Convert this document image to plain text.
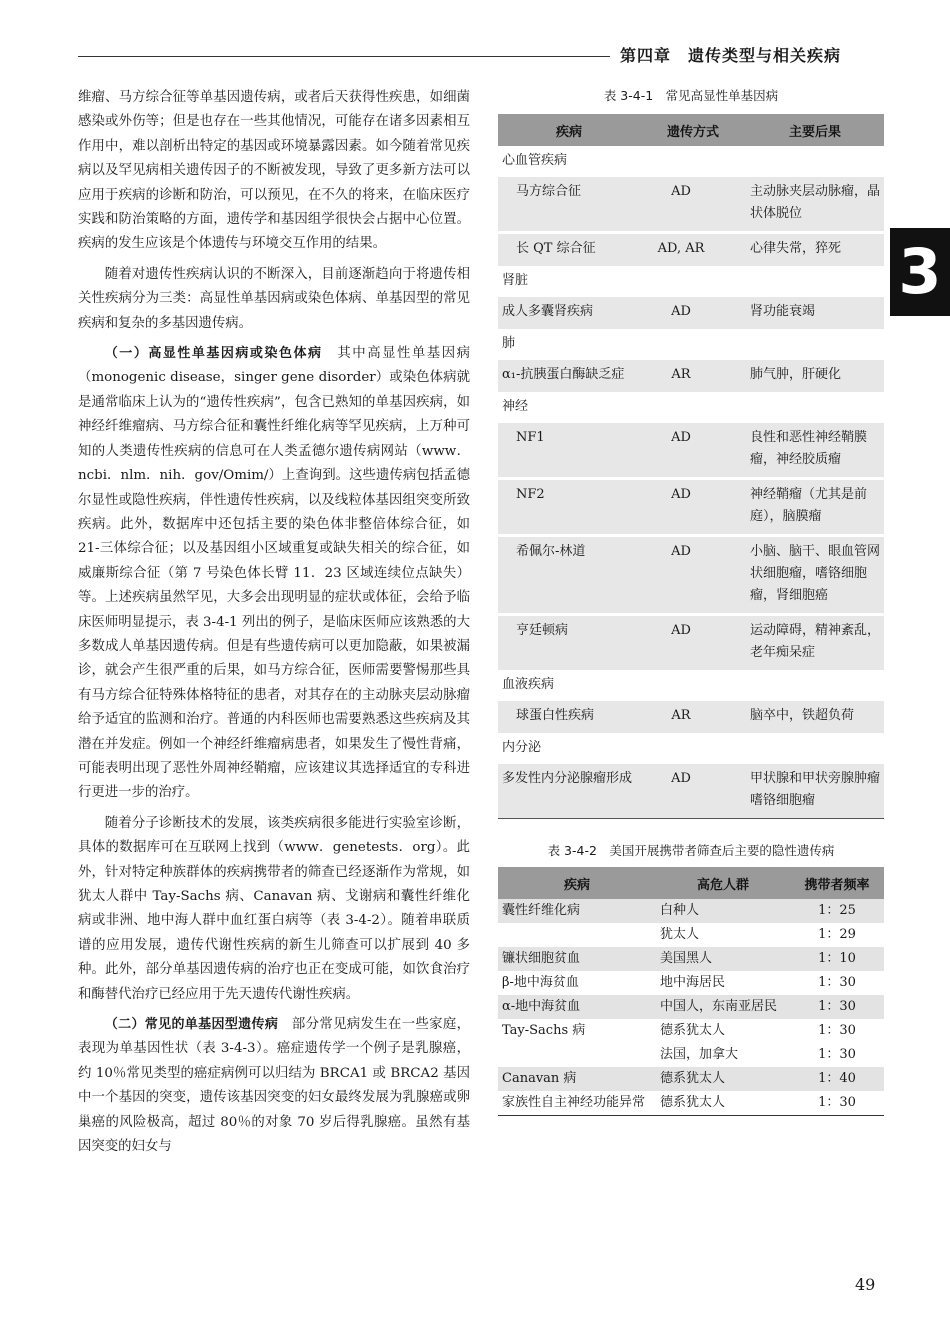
第四章　遗传类型与相关疾病
3

维瘤、马方综合征等单基因遗传病，或者后天获得性疾患，如细菌感染或外伤等；但是也存在一些其他情况，可能存在诸多因素相互作用中，难以剖析出特定的基因或环境暴露因素。如今随着常见疾病以及罕见病相关遗传因子的不断被发现，导致了更多新方法可以应用于疾病的诊断和防治，可以预见，在不久的将来，在临床医疗实践和防治策略的方面，遗传学和基因组学很快会占据中心位置。疾病的发生应该是个体遗传与环境交互作用的结果。

随着对遗传性疾病认识的不断深入，目前逐渐趋向于将遗传相关性疾病分为三类：高显性单基因病或染色体病、单基因型的常见疾病和复杂的多基因遗传病。

（一）高显性单基因病或染色体病　 其中高显性单基因病（monogenic disease，singer gene disorder）或染色体病就是通常临床上认为的“遗传性疾病”，包含已熟知的单基因疾病，如神经纤维瘤病、马方综合征和囊性纤维化病等罕见疾病，上万种可知的人类遗传性疾病的信息可在人类孟德尔遗传病网站（www．ncbi．nlm．nih．gov/Omim/）上查询到。这些遗传病包括孟德尔显性或隐性疾病，伴性遗传性疾病，以及线粒体基因组突变所致疾病。此外，数据库中还包括主要的染色体非整倍体综合征，如 21-三体综合征；以及基因组小区域重复或缺失相关的综合征，如威廉斯综合征（第 7 号染色体长臂 11．23 区域连续位点缺失）等。上述疾病虽然罕见，大多会出现明显的症状或体征，会给予临床医师明显提示，表 3-4-1 列出的例子，是临床医师应该熟悉的大多数成人单基因遗传病。但是有些遗传病可以更加隐蔽，如果被漏诊，就会产生很严重的后果，如马方综合征，医师需要警惕那些具有马方综合征特殊体格特征的患者，对其存在的主动脉夹层动脉瘤给予适宜的监测和治疗。普通的内科医师也需要熟悉这些疾病及其潜在并发症。例如一个神经纤维瘤病患者，如果发生了慢性背痛，可能表明出现了恶性外周神经鞘瘤，应该建议其选择适宜的专科进行更进一步的治疗。

随着分子诊断技术的发展，该类疾病很多能进行实验室诊断，具体的数据库可在互联网上找到（www．genetests．org）。此外，针对特定种族群体的疾病携带者的筛查已经逐渐作为常规，如犹太人群中 Tay-Sachs 病、Canavan 病、戈谢病和囊性纤维化病或非洲、地中海人群中血红蛋白病等（表 3-4-2）。随着串联质谱的应用发展，遗传代谢性疾病的新生儿筛查可以扩展到 40 多种。此外，部分单基因遗传病的治疗也正在变成可能，如饮食治疗和酶替代治疗已经应用于先天遗传代谢性疾病。

（二）常见的单基因型遗传病　 部分常见病发生在一些家庭，表现为单基因性状（表 3-4-3）。癌症遗传学一个例子是乳腺癌，约 10％常见类型的癌症病例可以归结为 BRCA1 或 BRCA2 基因中一个基因的突变，遗传该基因突变的妇女最终发展为乳腺癌或卵巢癌的风险极高，超过 80％的对象 70 岁后得乳腺癌。虽然有基因突变的妇女与

表 3-4-1　常见高显性单基因病
疾病	遗传方式	主要后果
心血管疾病		
马方综合征	AD	主动脉夹层动脉瘤，晶状体脱位
长 QT 综合征	AD, AR	心律失常，猝死
肾脏		
成人多囊肾疾病	AD	肾功能衰竭
肺		
α₁-抗胰蛋白酶缺乏症	AR	肺气肿，肝硬化
神经		
NF1	AD	良性和恶性神经鞘膜瘤，神经胶质瘤
NF2	AD	神经鞘瘤（尤其是前庭），脑膜瘤
希佩尔-林道	AD	小脑、脑干、眼血管网状细胞瘤，嗜铬细胞瘤，肾细胞癌
亨廷顿病	AD	运动障碍，精神紊乱，老年痴呆症
血液疾病		
球蛋白性疾病	AR	脑卒中，铁超负荷
内分泌		
多发性内分泌腺瘤形成	AD	甲状腺和甲状旁腺肿瘤嗜铬细胞瘤
表 3-4-2　美国开展携带者筛查后主要的隐性遗传病
疾病	高危人群	携带者频率
囊性纤维化病	白种人	1：25
	犹太人	1：29
镰状细胞贫血	美国黑人	1：10
β-地中海贫血	地中海居民	1：30
α-地中海贫血	中国人，东南亚居民	1：30
Tay-Sachs 病	德系犹太人	1：30
	法国，加拿大	1：30
Canavan 病	德系犹太人	1：40
家族性自主神经功能异常	德系犹太人	1：30
49
